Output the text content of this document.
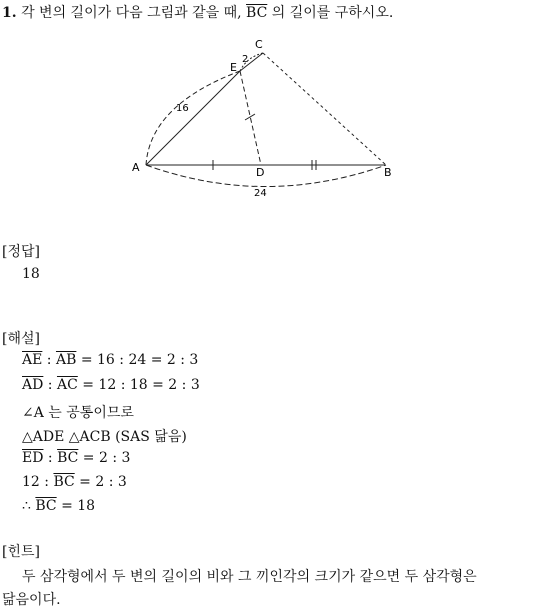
1. 각 변의 길이가 다음 그림과 같을 때, $\overline{BC}$ 의 길이를 구하시오.
A	B
C
D
E
16
2
24
[정답]
18
[해설]
$\overline{AE}$ : $\overline{AB} = 16$ : 24 = 2 : 3
$\overline{AD}$ : $\overline{AC} = 12$ : 18 = 2 : 3
∠A 는 공통이므로
△ADE △ACB (SAS 닮음)
$\overline{ED}$ : $\overline{BC} = 2$ : 3
12 : $\overline{BC} = 2$ : 3
∴ $\overline{BC} = 18$
[힌트]
두 삼각형에서 두 변의 길이의 비와 그 끼인각의 크기가 같으면 두 삼각형은
닮음이다.
